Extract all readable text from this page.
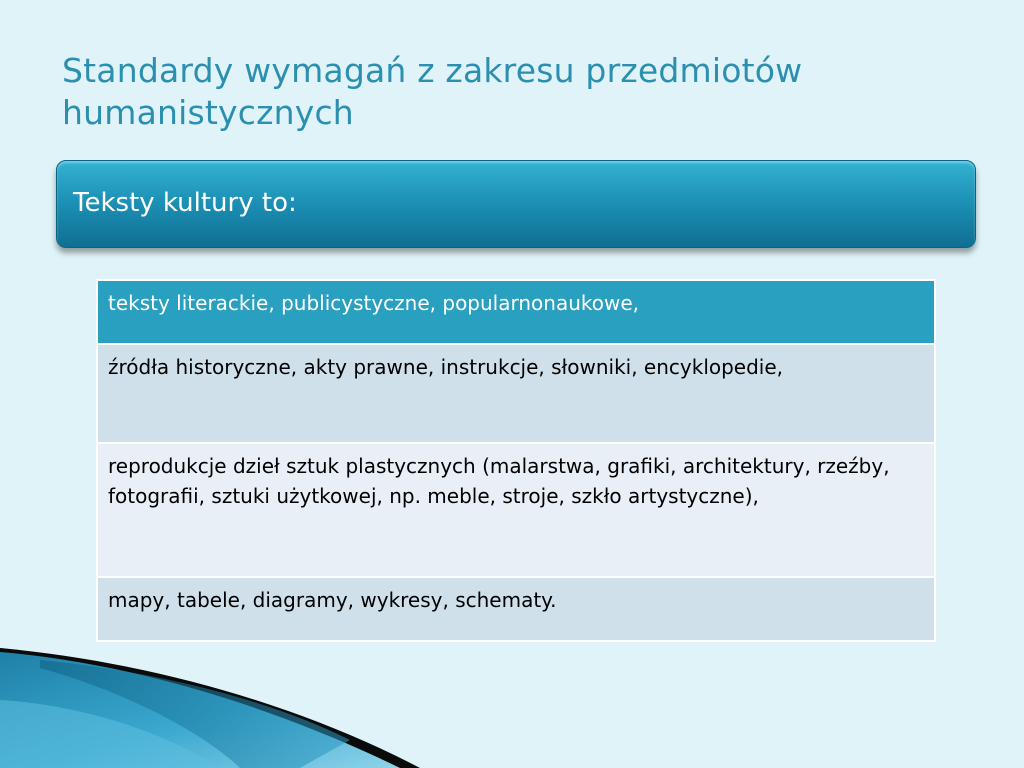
Standardy wymagań z zakresu przedmiotów humanistycznych
Teksty kultury to:
teksty literackie, publicystyczne, popularnonaukowe,
źródła historyczne, akty prawne, instrukcje, słowniki, encyklopedie,
reprodukcje dzieł sztuk plastycznych (malarstwa, grafiki, architektury, rzeźby, fotografii, sztuki użytkowej, np. meble, stroje, szkło artystyczne),
mapy, tabele, diagramy, wykresy, schematy.
